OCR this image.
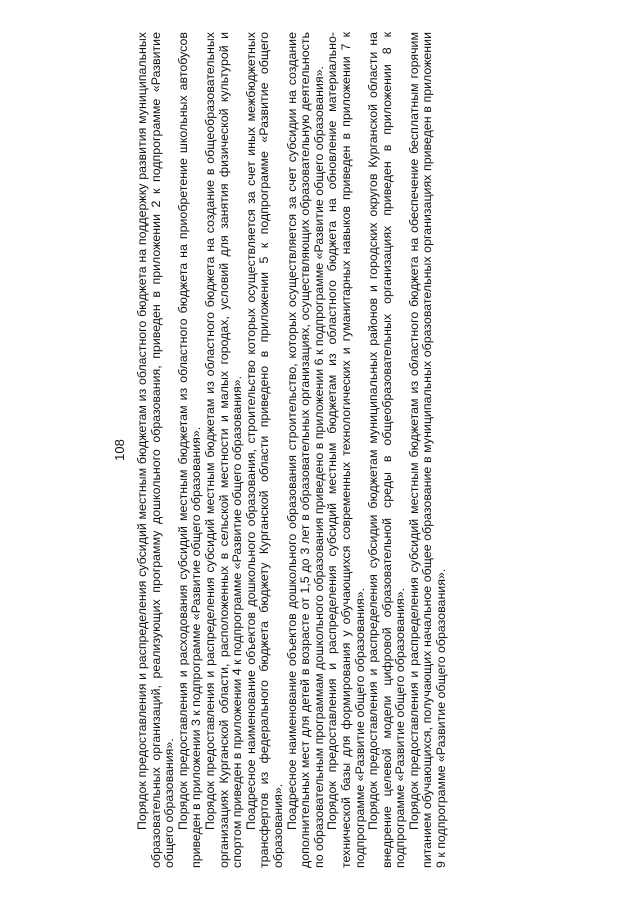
108 Порядок предоставления и распределения субсидий местным бюджетам из областного бюджета на поддержку развития муниципальных образовательных организаций, реализующих программу дошкольного образования, приведен в приложении 2 к подпрограмме «Развитие общего образования». Порядок предоставления и расходования субсидий местным бюджетам из областного бюджета на приобретение школьных автобусов приведен в приложении 3 к подпрограмме «Развитие общего образования». Порядок предоставления и распределения субсидий местным бюджетам из областного бюджета на создание в общеобразовательных организациях Курганской области, расположенных в сельской местности и малых городах, условий для занятия физической культурой и спортом приведен в приложении 4 к подпрограмме «Развитие общего образования». Поадресное наименование объектов дошкольного образования, строительство которых осуществляется за счет иных межбюджетных трансфертов из федерального бюджета бюджету Курганской области приведено в приложении 5 к подпрограмме «Развитие общего образования». Поадресное наименование объектов дошкольного образования строительство, которых осуществляется за счет субсидии на создание дополнительных мест для детей в возрасте от 1,5 до 3 лет в образовательных организациях, осуществляющих образовательную деятельность по образовательным программам дошкольного образования приведено в приложении 6 к подпрограмме «Развитие общего образования». Порядок предоставления и распределения субсидий местным бюджетам из областного бюджета на обновление материально-технической базы для формирования у обучающихся современных технологических и гуманитарных навыков приведен в приложении 7 к подпрограмме «Развитие общего образования». Порядок предоставления и распределения субсидии бюджетам муниципальных районов и городских округов Курганской области на внедрение целевой модели цифровой образовательной среды в общеобразовательных организациях приведен в приложении 8 к подпрограмме «Развитие общего образования». Порядок предоставления и распределения субсидий местным бюджетам из областного бюджета на обеспечение бесплатным горячим питанием обучающихся, получающих начальное общее образование в муниципальных образовательных организациях приведен в приложении 9 к подпрограмме «Развитие общего образования».
